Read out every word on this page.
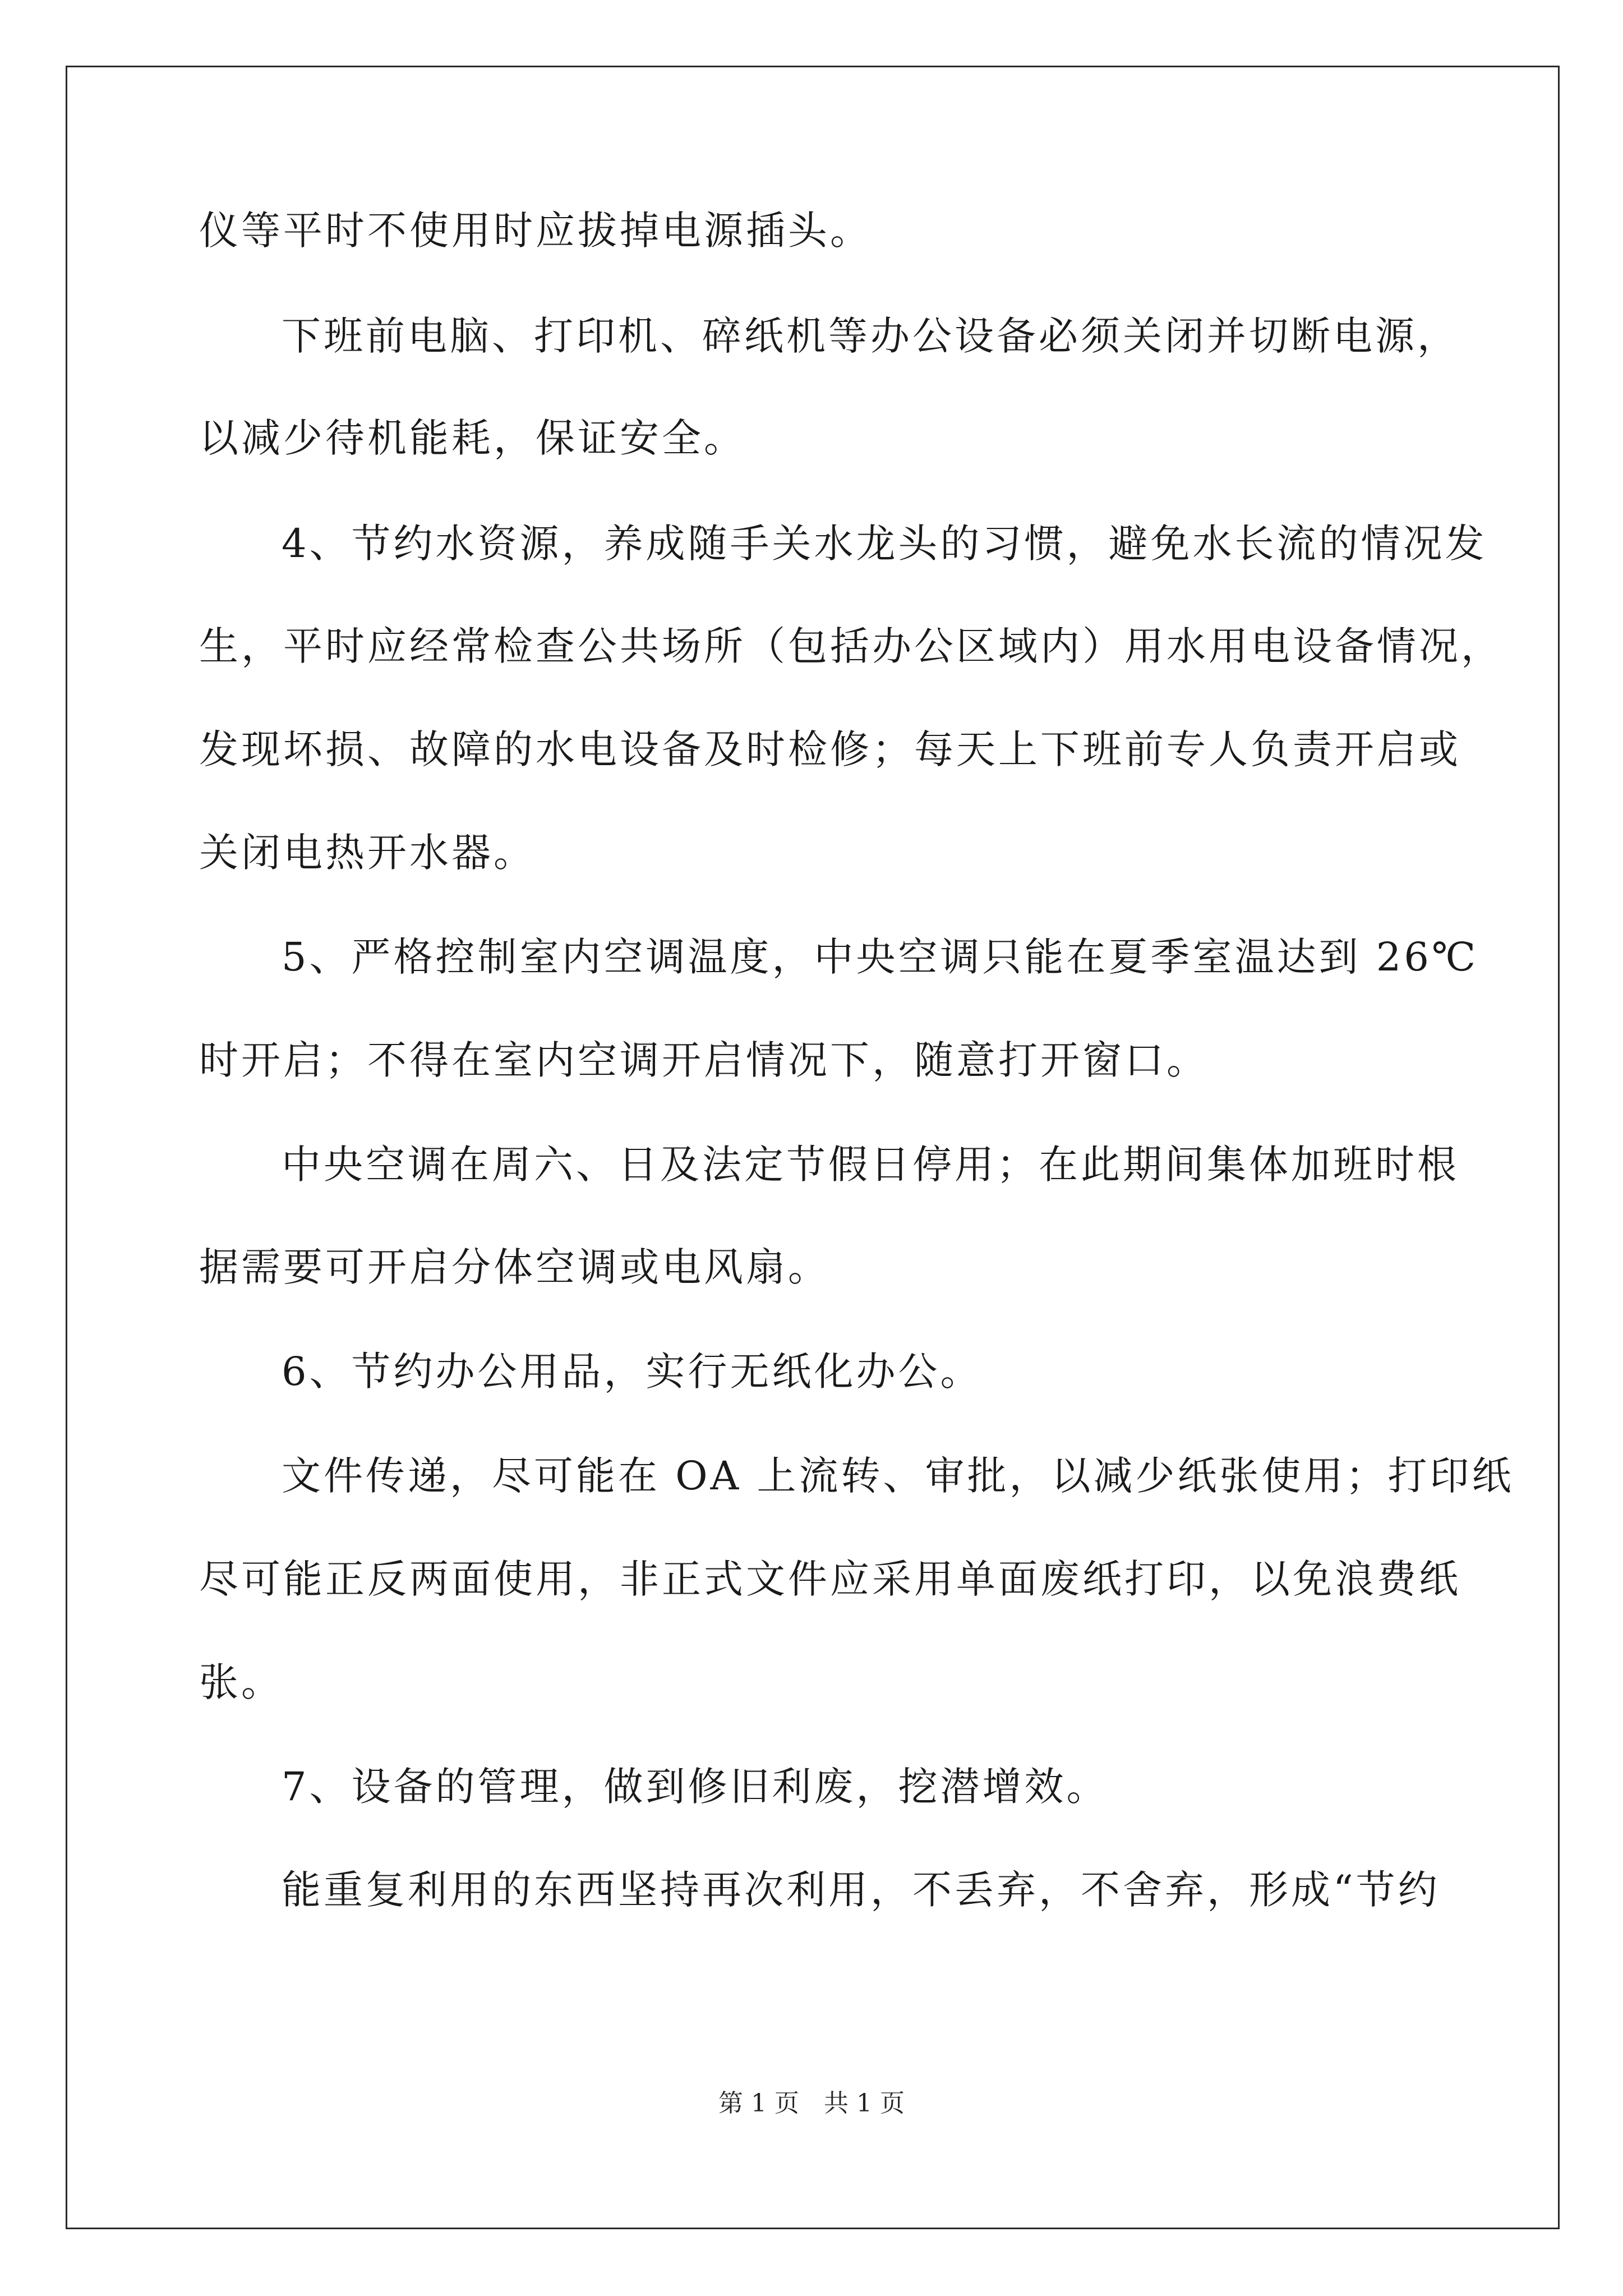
仪等平时不使用时应拔掉电源插头。

下班前电脑、打印机、碎纸机等办公设备必须关闭并切断电源，

以减少待机能耗，保证安全。

4、节约水资源，养成随手关水龙头的习惯，避免水长流的情况发

生，平时应经常检查公共场所（包括办公区域内）用水用电设备情况，

发现坏损、故障的水电设备及时检修；每天上下班前专人负责开启或

关闭电热开水器。

5、严格控制室内空调温度，中央空调只能在夏季室温达到 26℃

时开启；不得在室内空调开启情况下，随意打开窗口。

中央空调在周六、日及法定节假日停用；在此期间集体加班时根

据需要可开启分体空调或电风扇。

6、节约办公用品，实行无纸化办公。

文件传递，尽可能在 OA 上流转、审批，以减少纸张使用；打印纸

尽可能正反两面使用，非正式文件应采用单面废纸打印，以免浪费纸

张。

7、设备的管理，做到修旧利废，挖潜增效。

能重复利用的东西坚持再次利用，不丢弃，不舍弃，形成“节约

第 1 页　共 1 页
